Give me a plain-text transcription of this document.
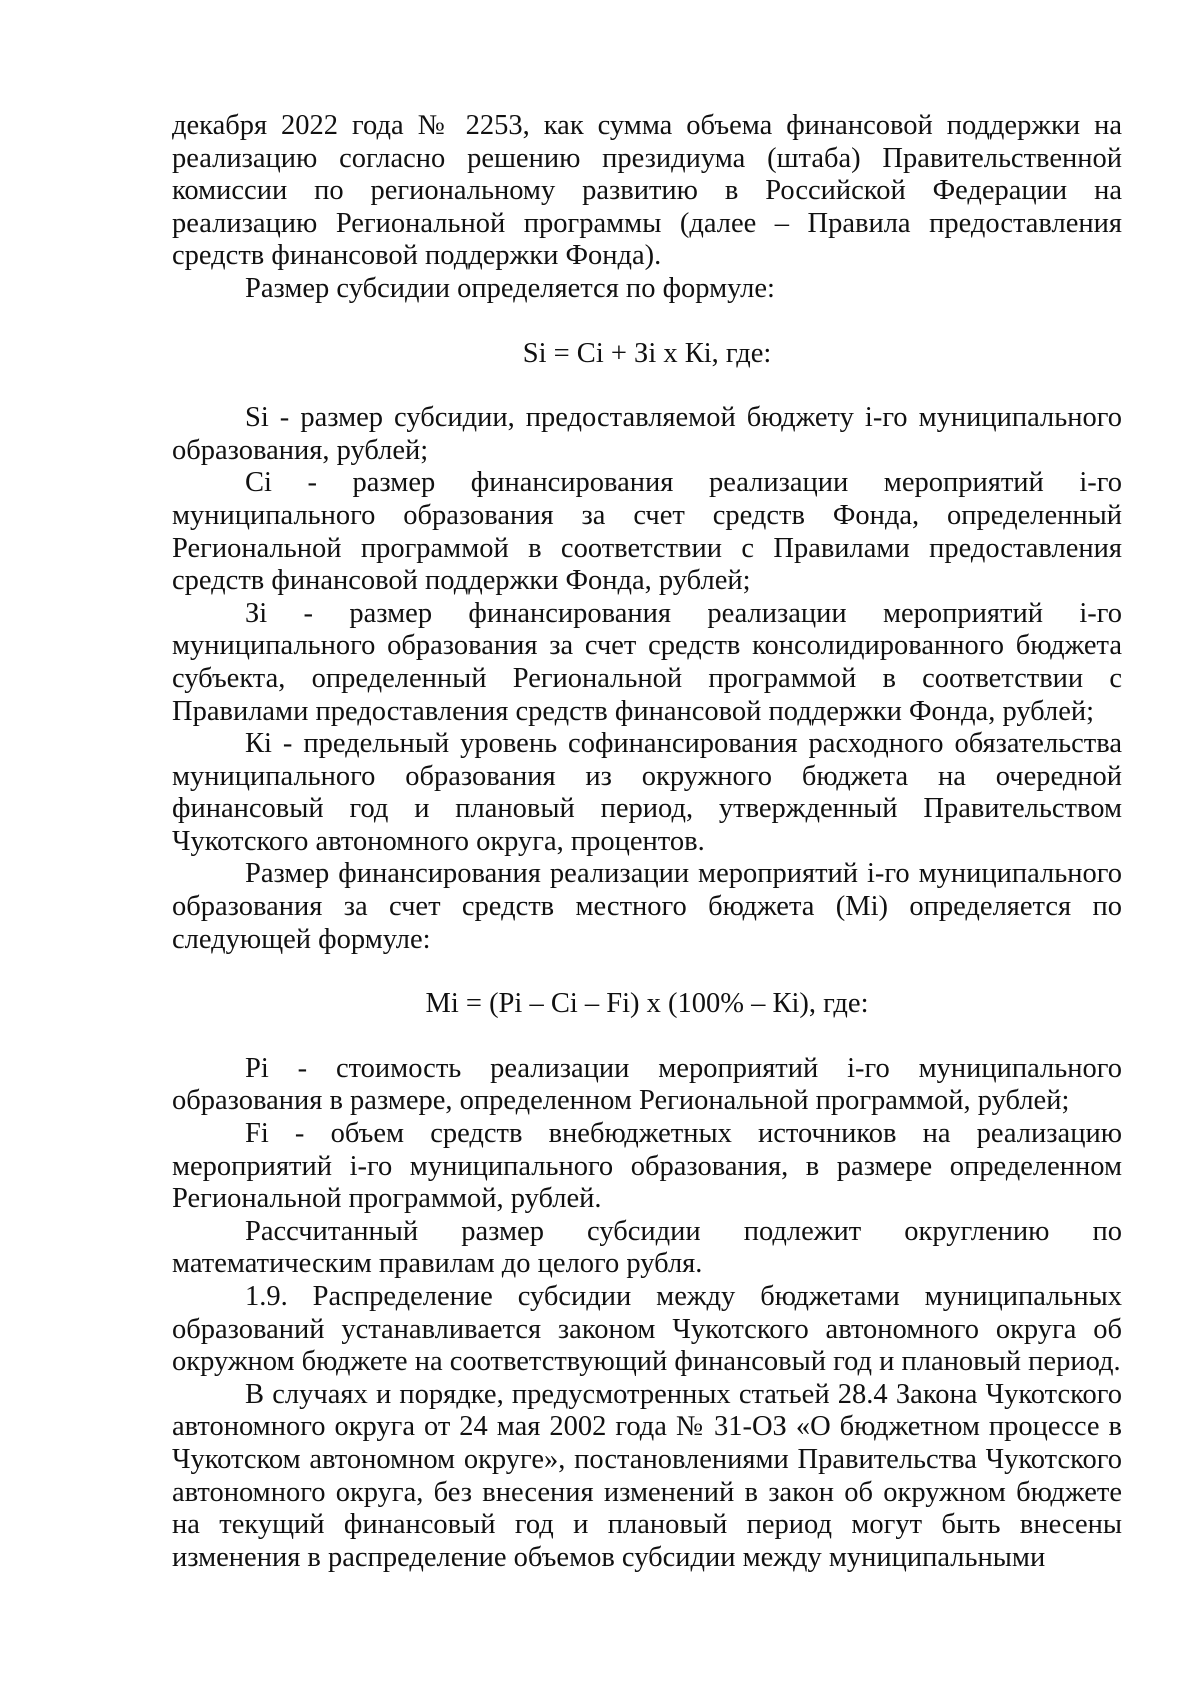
декабря 2022 года № 2253, как сумма объема финансовой поддержки на реализацию согласно решению президиума (штаба) Правительственной комиссии по региональному развитию в Российской Федерации на реализацию Региональной программы (далее – Правила предоставления средств финансовой поддержки Фонда).

Размер субсидии определяется по формуле:

Si = Ci + Зi x Кi, где:

Si - размер субсидии, предоставляемой бюджету i-го муниципального образования, рублей;

Ci - размер финансирования реализации мероприятий i-го муниципального образования за счет средств Фонда, определенный Региональной программой в соответствии с Правилами предоставления средств финансовой поддержки Фонда, рублей;

Зi - размер финансирования реализации мероприятий i-го муниципального образования за счет средств консолидированного бюджета субъекта, определенный Региональной программой в соответствии с Правилами предоставления средств финансовой поддержки Фонда, рублей;

Кi - предельный уровень софинансирования расходного обязательства муниципального образования из окружного бюджета на очередной финансовый год и плановый период, утвержденный Правительством Чукотского автономного округа, процентов.

Размер финансирования реализации мероприятий i-го муниципального образования за счет средств местного бюджета (Mi) определяется по следующей формуле:

Mi = (Pi – Ci – Fi) x (100% – Кi), где:

Pi - стоимость реализации мероприятий i-го муниципального образования в размере, определенном Региональной программой, рублей;

Fi - объем средств внебюджетных источников на реализацию мероприятий i-го муниципального образования, в размере определенном Региональной программой, рублей.

Рассчитанный размер субсидии подлежит округлению по математическим правилам до целого рубля.

1.9. Распределение субсидии между бюджетами муниципальных образований устанавливается законом Чукотского автономного округа об окружном бюджете на соответствующий финансовый год и плановый период.

В случаях и порядке, предусмотренных статьей 28.4 Закона Чукотского автономного округа от 24 мая 2002 года № 31-ОЗ «О бюджетном процессе в Чукотском автономном округе», постановлениями Правительства Чукотского автономного округа, без внесения изменений в закон об окружном бюджете на текущий финансовый год и плановый период могут быть внесены изменения в распределение объемов субсидии между муниципальными
